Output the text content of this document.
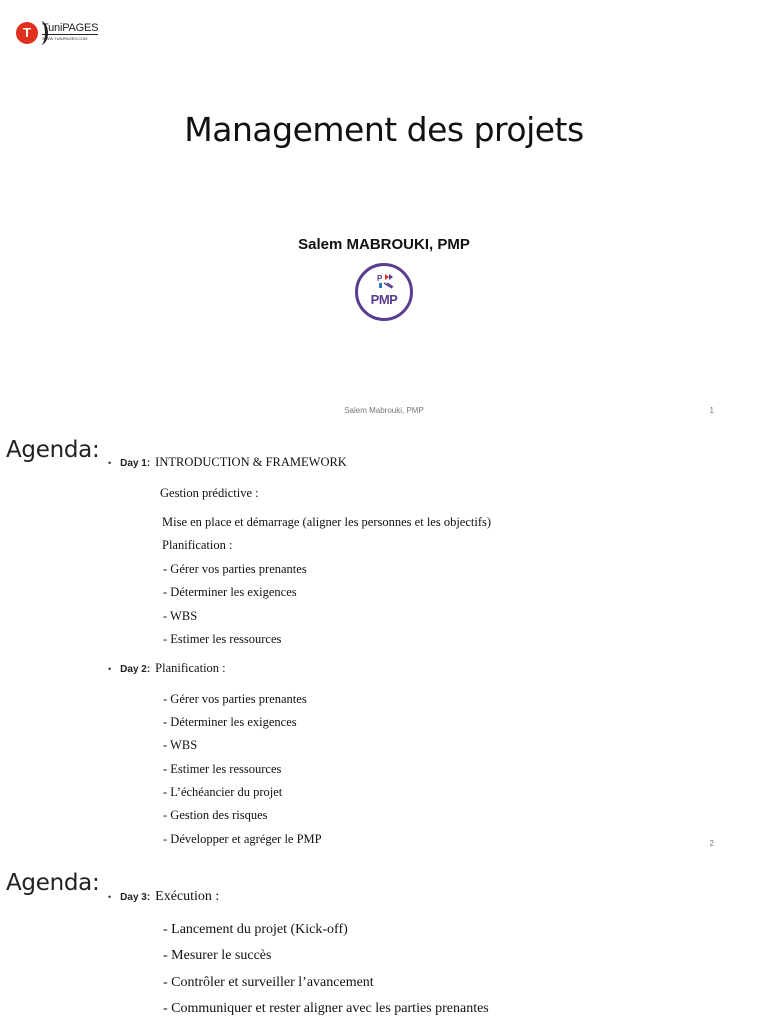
T	TuniPAGES
WWW.TUNIPAGES.COM
Management des projets
Salem MABROUKI, PMP
P
PMP
Salem Mabrouki, PMP	1
Agenda: • Day 1: INTRODUCTION & FRAMEWORK
Gestion prédictive :
Mise en place et démarrage (aligner les personnes et les objectifs)
Planification :
- Gérer vos parties prenantes
- Déterminer les exigences
- WBS
- Estimer les ressources
• Day 2: Planification :
- Gérer vos parties prenantes
- Déterminer les exigences
- WBS
- Estimer les ressources
- L’échéancier du projet
- Gestion des risques
- Développer et agréger le PMP	2
Agenda:
• Day 3: Exécution :
- Lancement du projet (Kick-off)
- Mesurer le succès
- Contrôler et surveiller l’avancement
- Communiquer et rester aligner avec les parties prenantes
